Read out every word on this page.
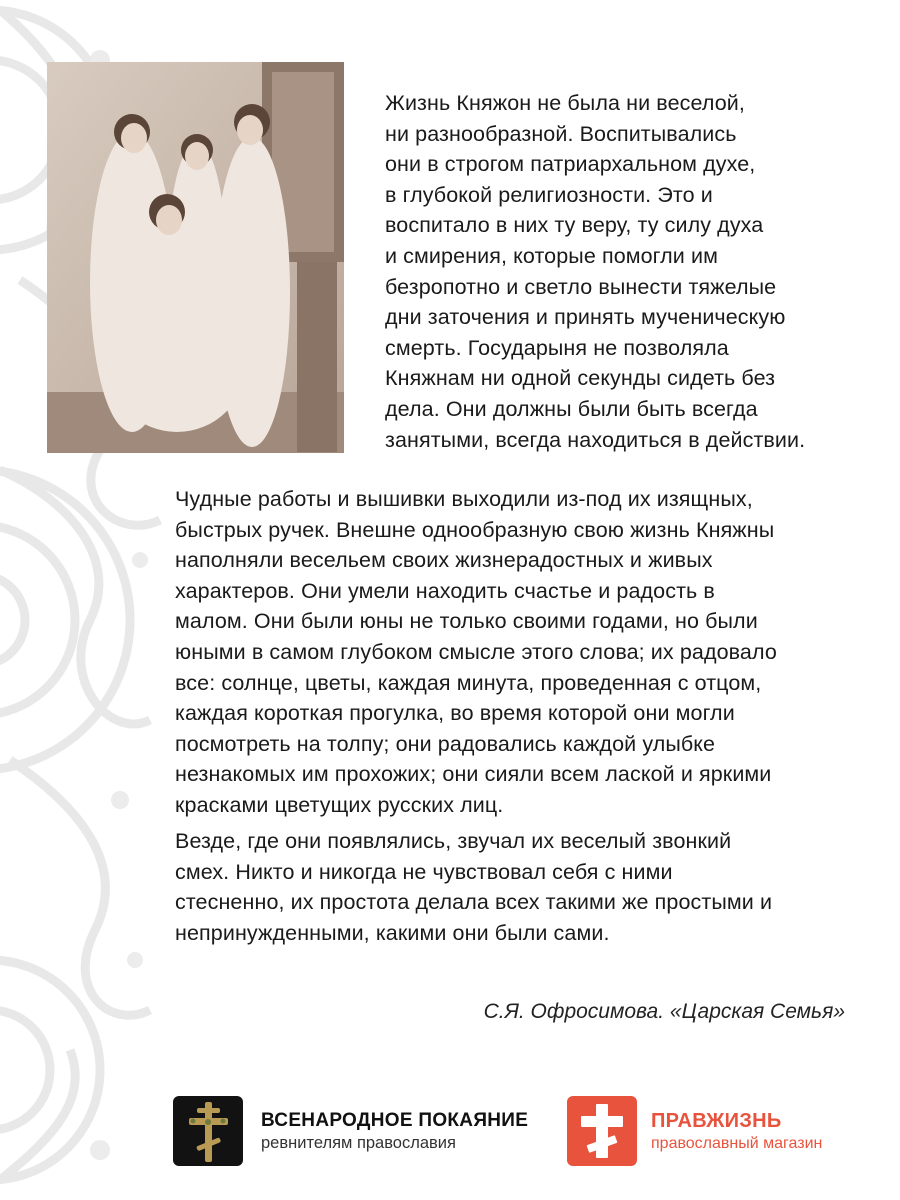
Жизнь Княжон не была ни веселой,
ни разнообразной. Воспитывались
они в строгом патриархальном духе,
в глубокой религиозности. Это и
воспитало в них ту веру, ту силу духа
и смирения, которые помогли им
безропотно и светло вынести тяжелые
дни заточения и принять мученическую
смерть. Государыня не позволяла
Княжнам ни одной секунды сидеть без
дела. Они должны были быть всегда
занятыми, всегда находиться в действии.

Чудные работы и вышивки выходили из-под их изящных,
быстрых ручек. Внешне однообразную свою жизнь Княжны
наполняли весельем своих жизнерадостных и живых
характеров. Они умели находить счастье и радость в
малом. Они были юны не только своими годами, но были
юными в самом глубоком смысле этого слова; их радовало
все: солнце, цветы, каждая минута, проведенная с отцом,
каждая короткая прогулка, во время которой они могли
посмотреть на толпу; они радовались каждой улыбке
незнакомых им прохожих; они сияли всем лаской и яркими
красками цветущих русских лиц.

Везде, где они появлялись, звучал их веселый звонкий
смех. Никто и никогда не чувствовал себя с ними
стесненно, их простота делала всех такими же простыми и
непринужденными, какими они были сами.

С.Я. Офросимова. «Царская Семья»

ВСЕНАРОДНОЕ ПОКАЯНИЕ
ревнителям православия
ПРАВЖИЗНЬ
православный магазин
